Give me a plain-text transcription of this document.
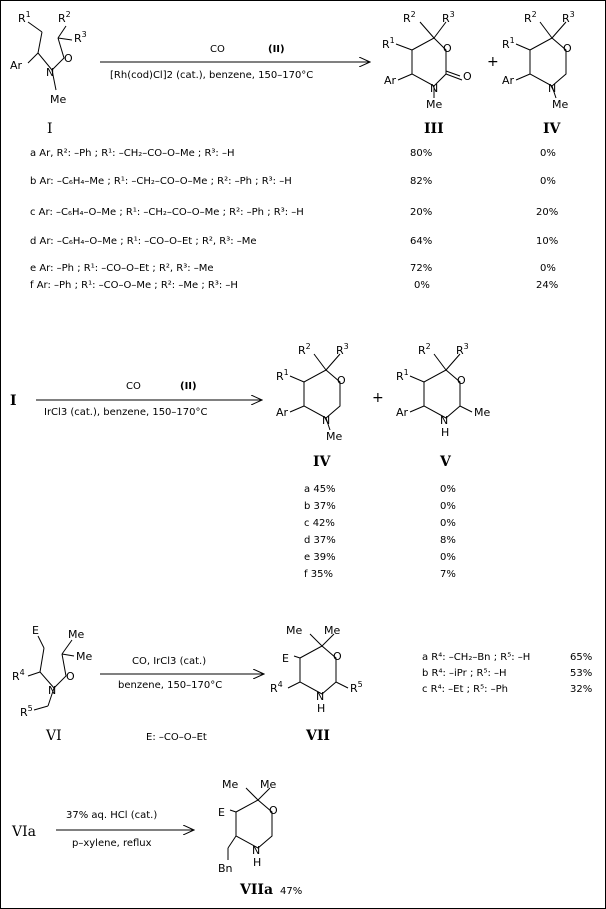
$R^1$ $R^2$
$R^3$
Ar
N
O
Me
I
CO	(II)
[Rh(cod)Cl]2 (cat.), benzene, 150–170°C
$R^2$ $R^3$
$R^1$
Ar
O
O
N
Me
III
+
$R^2$ $R^3$
$R^1$
Ar
O
N
Me
IV
a Ar, R²: –Ph ; R¹: –CH₂–CO–O–Me ; R³: –H	80%	0%
b Ar: –C₆H₄–Me ; R¹: –CH₂–CO–O–Me ; R²: –Ph ; R³: –H	82%	0%
c Ar: –C₆H₄–O–Me ; R¹: –CH₂–CO–O–Me ; R²: –Ph ; R³: –H	20%	20%
d Ar: –C₆H₄–O–Me ; R¹: –CO–O–Et ; R², R³: –Me	64%	10%
e Ar: –Ph ; R¹: –CO–O–Et ; R², R³: –Me	72%	0%
f Ar: –Ph ; R¹: –CO–O–Me ; R²: –Me ; R³: –H	0%	24%
I
CO	(II)
IrCl3 (cat.), benzene, 150–170°C
$R^2$ $R^3$
$R^1$
Ar
O
N
Me
IV
+
$R^2$ $R^3$
$R^1$
Ar
O
N
H
Me
V
a 45%	0%
b 37%	0%
c 42%	0%
d 37%	8%
e 39%	0%
f 35%	7%
E	Me
Me
$R^4$
N
O
$R^5$
VI
CO, IrCl3 (cat.)
benzene, 150–170°C
E: –CO–O–Et
Me Me
E
$R^4$
O
N
H
$R^5$
VII
a R⁴: –CH₂–Bn ; R⁵: –H	65%
b R⁴: –iPr ; R⁵: –H	53%
c R⁴: –Et ; R⁵: –Ph	32%
VIa
37% aq. HCl (cat.)
p–xylene, reflux
Me Me
E	O
N
H
Bn
VIIa 47%
